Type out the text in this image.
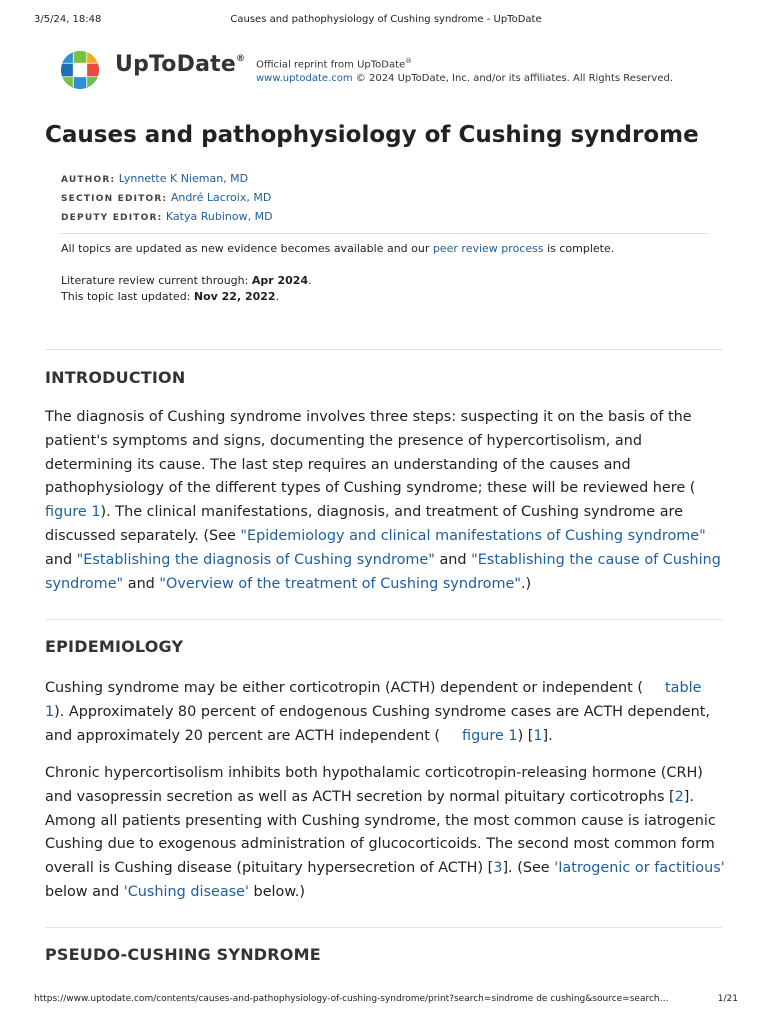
3/5/24, 18:48	Causes and pathophysiology of Cushing syndrome - UpToDate
UpToDate®
Official reprint from UpToDate®
www.uptodate.com © 2024 UpToDate, Inc. and/or its affiliates. All Rights Reserved.
Causes and pathophysiology of Cushing syndrome
AUTHOR: Lynnette K Nieman, MD
SECTION EDITOR: André Lacroix, MD
DEPUTY EDITOR: Katya Rubinow, MD
All topics are updated as new evidence becomes available and our peer review process is complete.
Literature review current through: Apr 2024.
This topic last updated: Nov 22, 2022.
INTRODUCTION

The diagnosis of Cushing syndrome involves three steps: suspecting it on the basis of the patient's symptoms and signs, documenting the presence of hypercortisolism, and determining its cause. The last step requires an understanding of the causes and pathophysiology of the different types of Cushing syndrome; these will be reviewed here (figure 1). The clinical manifestations, diagnosis, and treatment of Cushing syndrome are discussed separately. (See "Epidemiology and clinical manifestations of Cushing syndrome" and "Establishing the diagnosis of Cushing syndrome" and "Establishing the cause of Cushing syndrome" and "Overview of the treatment of Cushing syndrome".)

EPIDEMIOLOGY

Cushing syndrome may be either corticotropin (ACTH) dependent or independent ( table 1). Approximately 80 percent of endogenous Cushing syndrome cases are ACTH dependent, and approximately 20 percent are ACTH independent ( figure 1) [1].

Chronic hypercortisolism inhibits both hypothalamic corticotropin-releasing hormone (CRH) and vasopressin secretion as well as ACTH secretion by normal pituitary corticotrophs [2]. Among all patients presenting with Cushing syndrome, the most common cause is iatrogenic Cushing due to exogenous administration of glucocorticoids. The second most common form overall is Cushing disease (pituitary hypersecretion of ACTH) [3]. (See 'Iatrogenic or factitious' below and 'Cushing disease' below.)

PSEUDO-CUSHING SYNDROME
https://www.uptodate.com/contents/causes-and-pathophysiology-of-cushing-syndrome/print?search=sindrome de cushing&source=search…	1/21
